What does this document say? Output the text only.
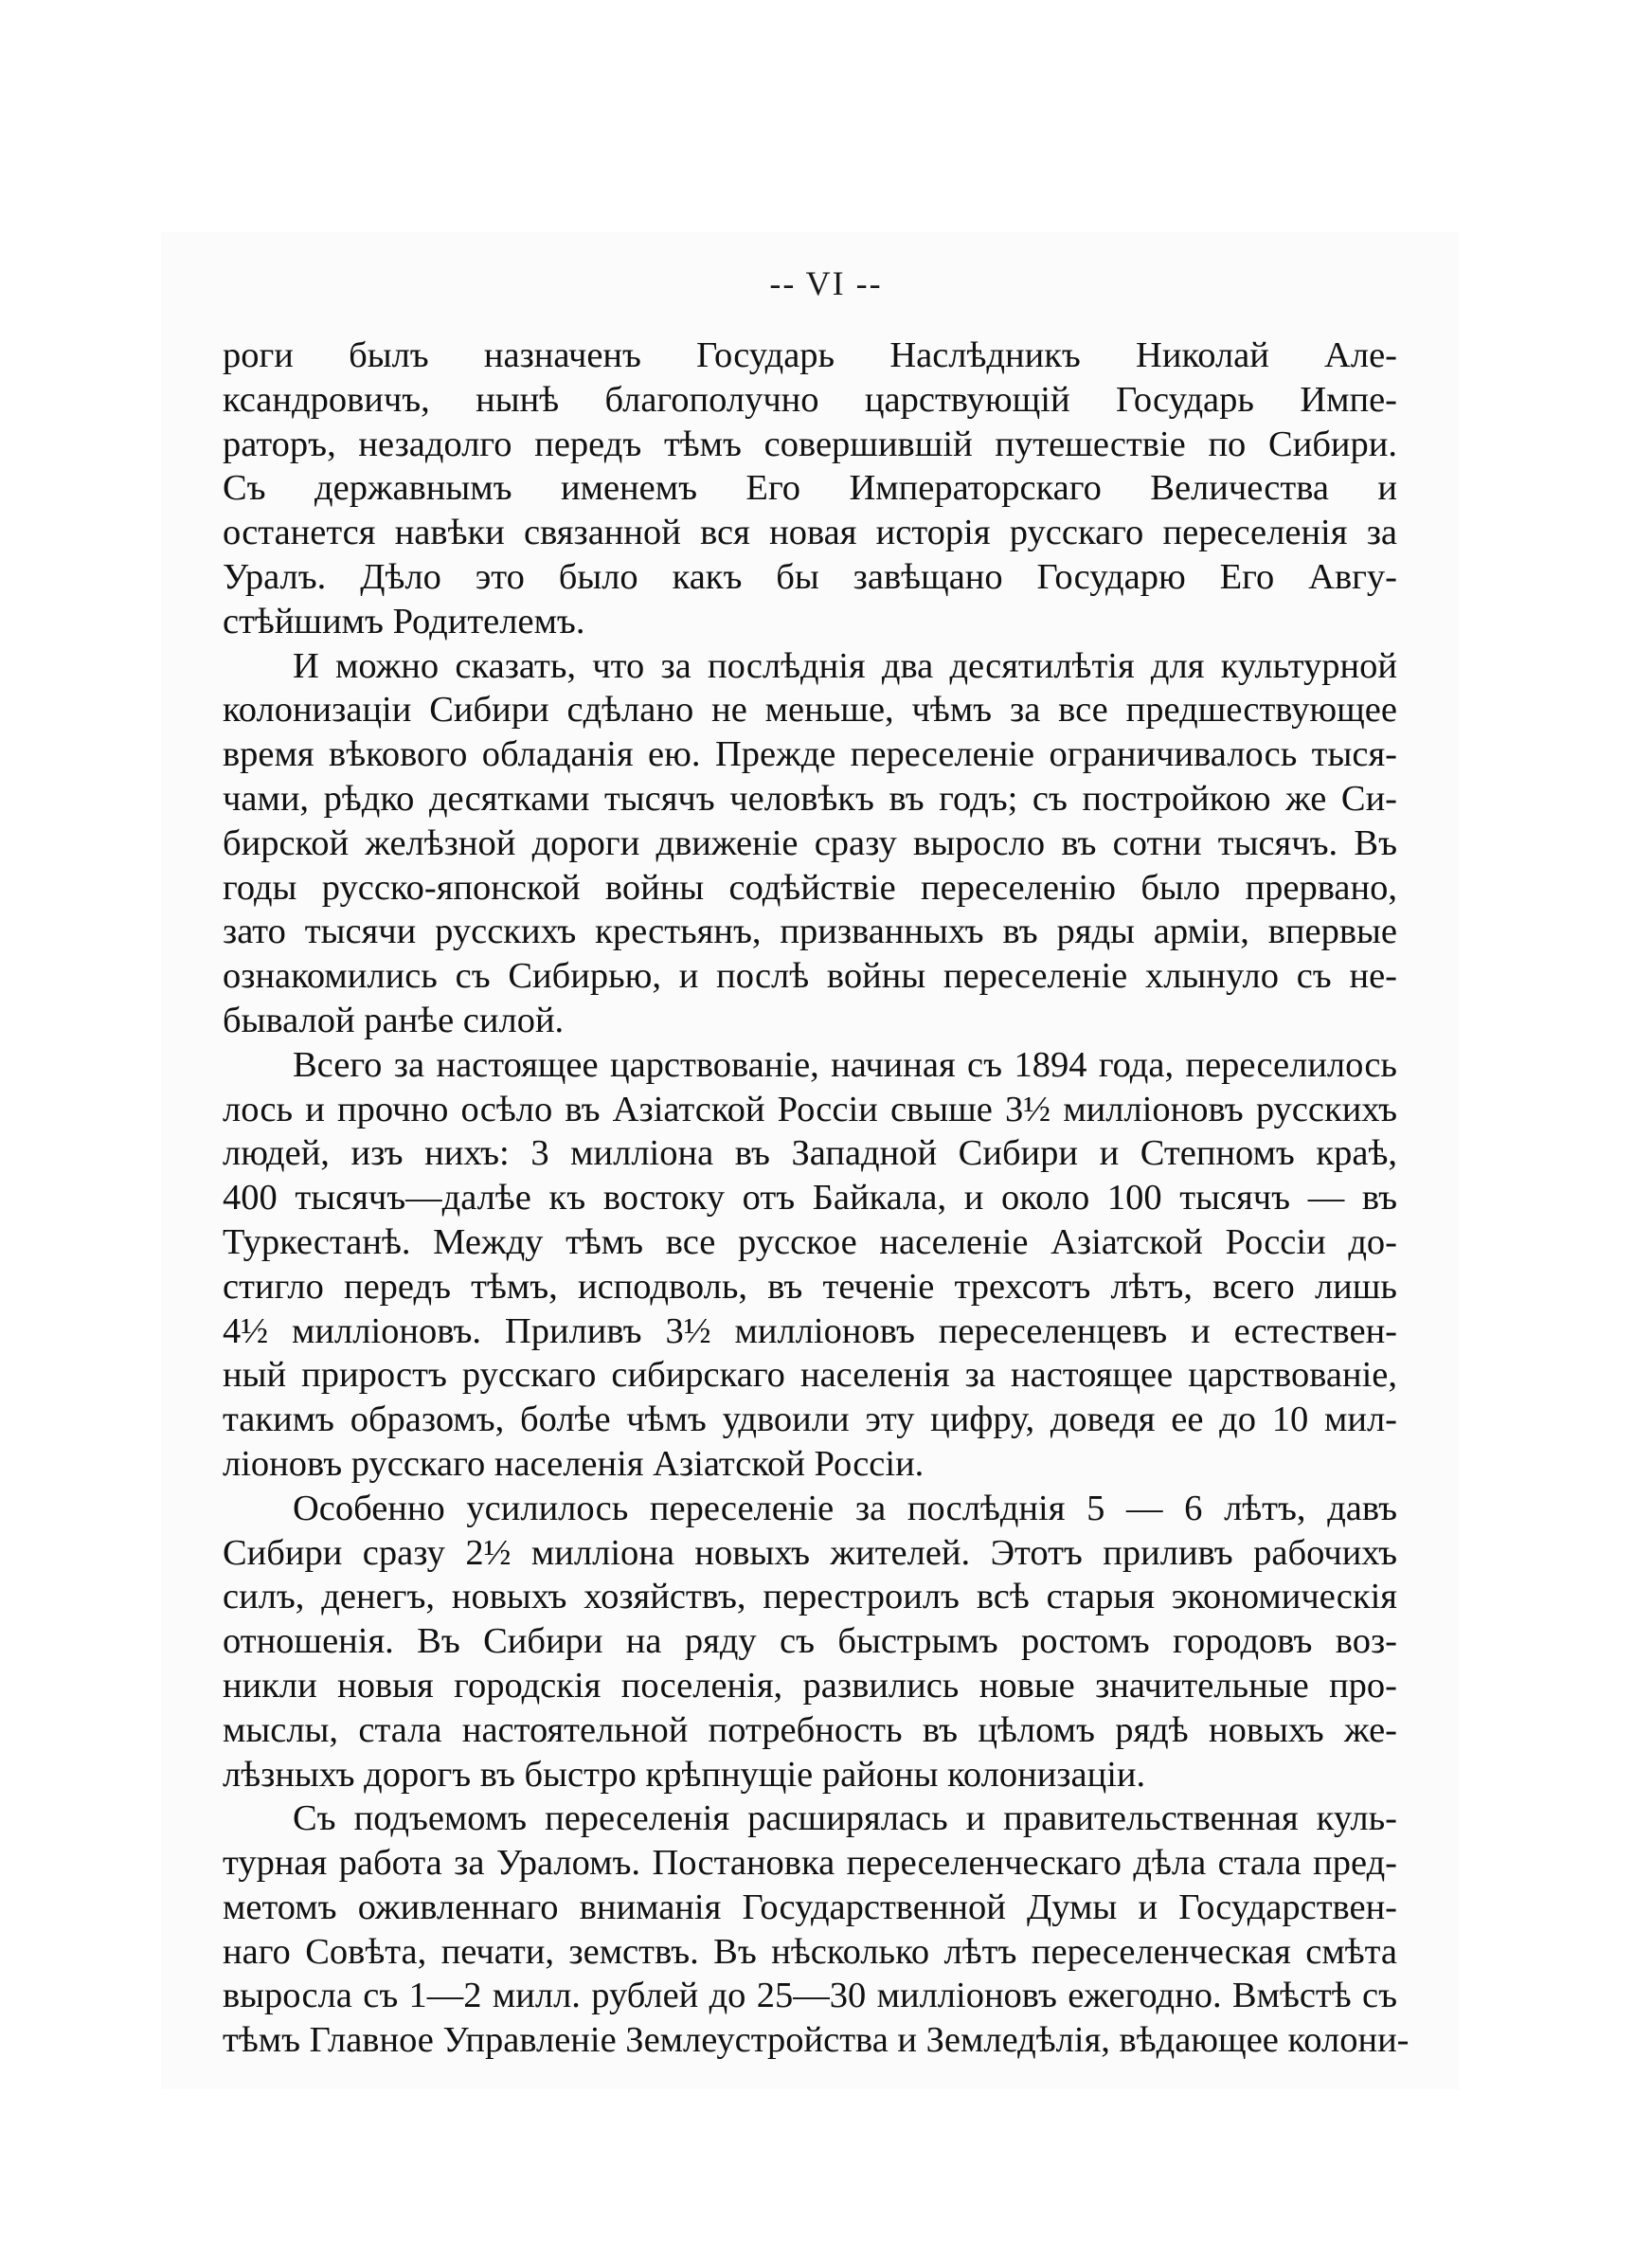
-- VI --
роги былъ назначенъ Государь Наслѣдникъ Николай Але-
ксандровичъ, нынѣ благополучно царствующій Государь Импе-
раторъ, незадолго передъ тѣмъ совершившій путешествіе по Сибири.
Съ державнымъ именемъ Его Императорскаго Величества и
останется навѣки связанной вся новая исторія русскаго переселенія за
Уралъ. Дѣло это было какъ бы завѣщано Государю Его Авгу-
стѣйшимъ Родителемъ.
И можно сказать, что за послѣднія два десятилѣтія для культурной
колонизаціи Сибири сдѣлано не меньше, чѣмъ за все предшествующее
время вѣкового обладанія ею. Прежде переселеніе ограничивалось тыся-
чами, рѣдко десятками тысячъ человѣкъ въ годъ; съ постройкою же Си-
бирской желѣзной дороги движеніе сразу выросло въ сотни тысячъ. Въ
годы русско-японской войны содѣйствіе переселенію было прервано,
зато тысячи русскихъ крестьянъ, призванныхъ въ ряды арміи, впервые
ознакомились съ Сибирью, и послѣ войны переселеніе хлынуло съ не-
бывалой ранѣе силой.
Всего за настоящее царствованіе, начиная съ 1894 года, переселилось
лось и прочно осѣло въ Азіатской Россіи свыше 3½ милліоновъ русскихъ
людей, изъ нихъ: 3 милліона въ Западной Сибири и Степномъ краѣ,
400 тысячъ—далѣе къ востоку отъ Байкала, и около 100 тысячъ — въ
Туркестанѣ. Между тѣмъ все русское населеніе Азіатской Россіи до-
стигло передъ тѣмъ, исподволь, въ теченіе трехсотъ лѣтъ, всего лишь
4½ милліоновъ. Приливъ 3½ милліоновъ переселенцевъ и естествен-
ный приростъ русскаго сибирскаго населенія за настоящее царствованіе,
такимъ образомъ, болѣе чѣмъ удвоили эту цифру, доведя ее до 10 мил-
ліоновъ русскаго населенія Азіатской Россіи.
Особенно усилилось переселеніе за послѣднія 5 — 6 лѣтъ, давъ
Сибири сразу 2½ милліона новыхъ жителей. Этотъ приливъ рабочихъ
силъ, денегъ, новыхъ хозяйствъ, перестроилъ всѣ старыя экономическія
отношенія. Въ Сибири на ряду съ быстрымъ ростомъ городовъ воз-
никли новыя городскія поселенія, развились новые значительные про-
мыслы, стала настоятельной потребность въ цѣломъ рядѣ новыхъ же-
лѣзныхъ дорогъ въ быстро крѣпнущіе районы колонизаціи.
Съ подъемомъ переселенія расширялась и правительственная куль-
турная работа за Ураломъ. Постановка переселенческаго дѣла стала пред-
метомъ оживленнаго вниманія Государственной Думы и Государствен-
наго Совѣта, печати, земствъ. Въ нѣсколько лѣтъ переселенческая смѣта
выросла съ 1—2 милл. рублей до 25—30 милліоновъ ежегодно. Вмѣстѣ съ
тѣмъ Главное Управленіе Землеустройства и Земледѣлія, вѣдающее колони-
